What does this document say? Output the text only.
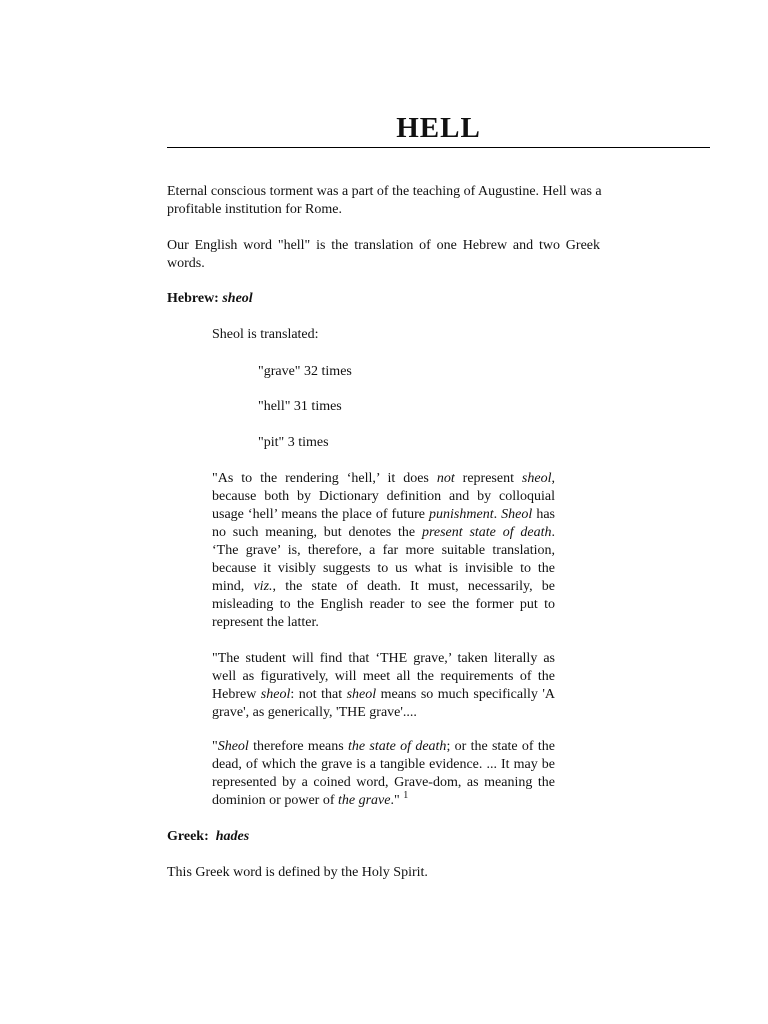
HELL

Eternal conscious torment was a part of the teaching of Augustine. Hell was a profitable institution for Rome.

Our English word "hell" is the translation of one Hebrew and two Greek words.

Hebrew: sheol

Sheol is translated:

"grave" 32 times

"hell" 31 times

"pit" 3 times

"As to the rendering ‘hell,’ it does not represent sheol, because both by Dictionary definition and by colloquial usage ‘hell’ means the place of future punishment. Sheol has no such meaning, but denotes the present state of death. ‘The grave’ is, therefore, a far more suitable translation, because it visibly suggests to us what is invisible to the mind, viz., the state of death. It must, necessarily, be misleading to the English reader to see the former put to represent the latter.

"The student will find that ‘THE grave,’ taken literally as well as figuratively, will meet all the requirements of the Hebrew sheol: not that sheol means so much specifically 'A grave', as generically, 'THE grave'....

"Sheol therefore means the state of death; or the state of the dead, of which the grave is a tangible evidence. ... It may be represented by a coined word, Grave-dom, as meaning the dominion or power of the grave." $^1$

Greek: hades

This Greek word is defined by the Holy Spirit.
